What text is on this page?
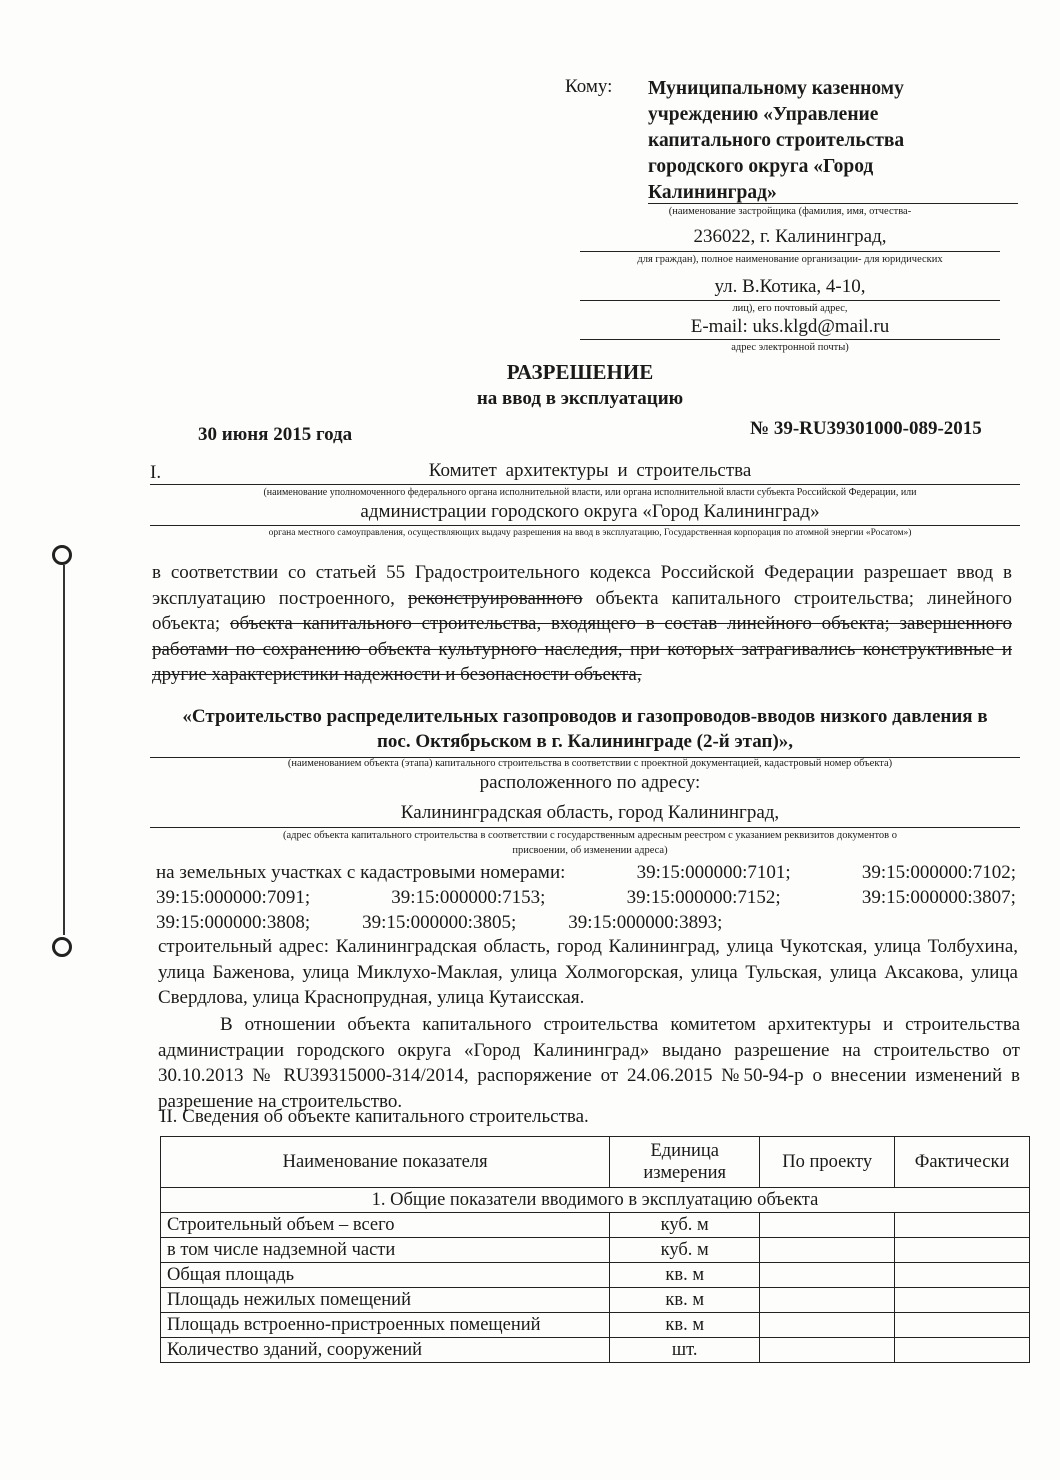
Кому: Муниципальному казенному
учреждению «Управление
капитального строительства
городского округа «Город
Калининград»
(наименование застройщика (фамилия, имя, отчества-
236022, г. Калининград,
для граждан), полное наименование организации- для юридических
ул. В.Котика, 4-10,
лиц), его почтовый адрес,
E-mail: uks.klgd@mail.ru
адрес электронной почты)
РАЗРЕШЕНИЕ
на ввод в эксплуатацию
30 июня 2015 года	№ 39-RU39301000-089-2015
I.	Комитет архитектуры и строительства
(наименование уполномоченного федерального органа исполнительной власти, или органа исполнительной власти субъекта Российской Федерации, или
администрации городского округа «Город Калининград»
органа местного самоуправления, осуществляющих выдачу разрешения на ввод в эксплуатацию, Государственная корпорация по атомной энергии «Росатом»)
в соответствии со статьей 55 Градостроительного кодекса Российской Федерации разрешает ввод в эксплуатацию построенного, реконструированного объекта капитального строительства; линейного объекта; объекта капитального строительства, входящего в состав линейного объекта; завершенного работами по сохранению объекта культурного наследия, при которых затрагивались конструктивные и другие характеристики надежности и безопасности объекта,
«Строительство распределительных газопроводов и газопроводов-вводов низкого давления в пос. Октябрьском в г. Калининграде (2-й этап)»,
(наименованием объекта (этапа) капитального строительства в соответствии с проектной документацией, кадастровый номер объекта)
расположенного по адресу:
Калининградская область, город Калининград,
(адрес объекта капитального строительства в соответствии с государственным адресным реестром с указанием реквизитов документов о
присвоении, об изменении адреса)
на земельных участках с кадастровыми номерами:	39:15:000000:7101;	39:15:000000:7102;
39:15:000000:7091;	39:15:000000:7153;	39:15:000000:7152;	39:15:000000:3807;
39:15:000000:3808;	39:15:000000:3805;	39:15:000000:3893;
строительный адрес: Калининградская область, город Калининград, улица Чукотская, улица Толбухина, улица Баженова, улица Миклухо-Маклая, улица Холмогорская, улица Тульская, улица Аксакова, улица Свердлова, улица Краснопрудная, улица Кутаисская.
В отношении объекта капитального строительства комитетом архитектуры и строительства администрации городского округа «Город Калининград» выдано разрешение на строительство от 30.10.2013 № RU39315000-314/2014, распоряжение от 24.06.2015 №50-94-р о внесении изменений в разрешение на строительство.
II. Сведения об объекте капитального строительства.
Наименование показателя	Единица измерения	По проекту	Фактически
1. Общие показатели вводимого в эксплуатацию объекта			
Строительный объем – всего	куб. м		
в том числе надземной части	куб. м		
Общая площадь	кв. м		
Площадь нежилых помещений	кв. м		
Площадь встроенно-пристроенных помещений	кв. м		
Количество зданий, сооружений	шт.		
